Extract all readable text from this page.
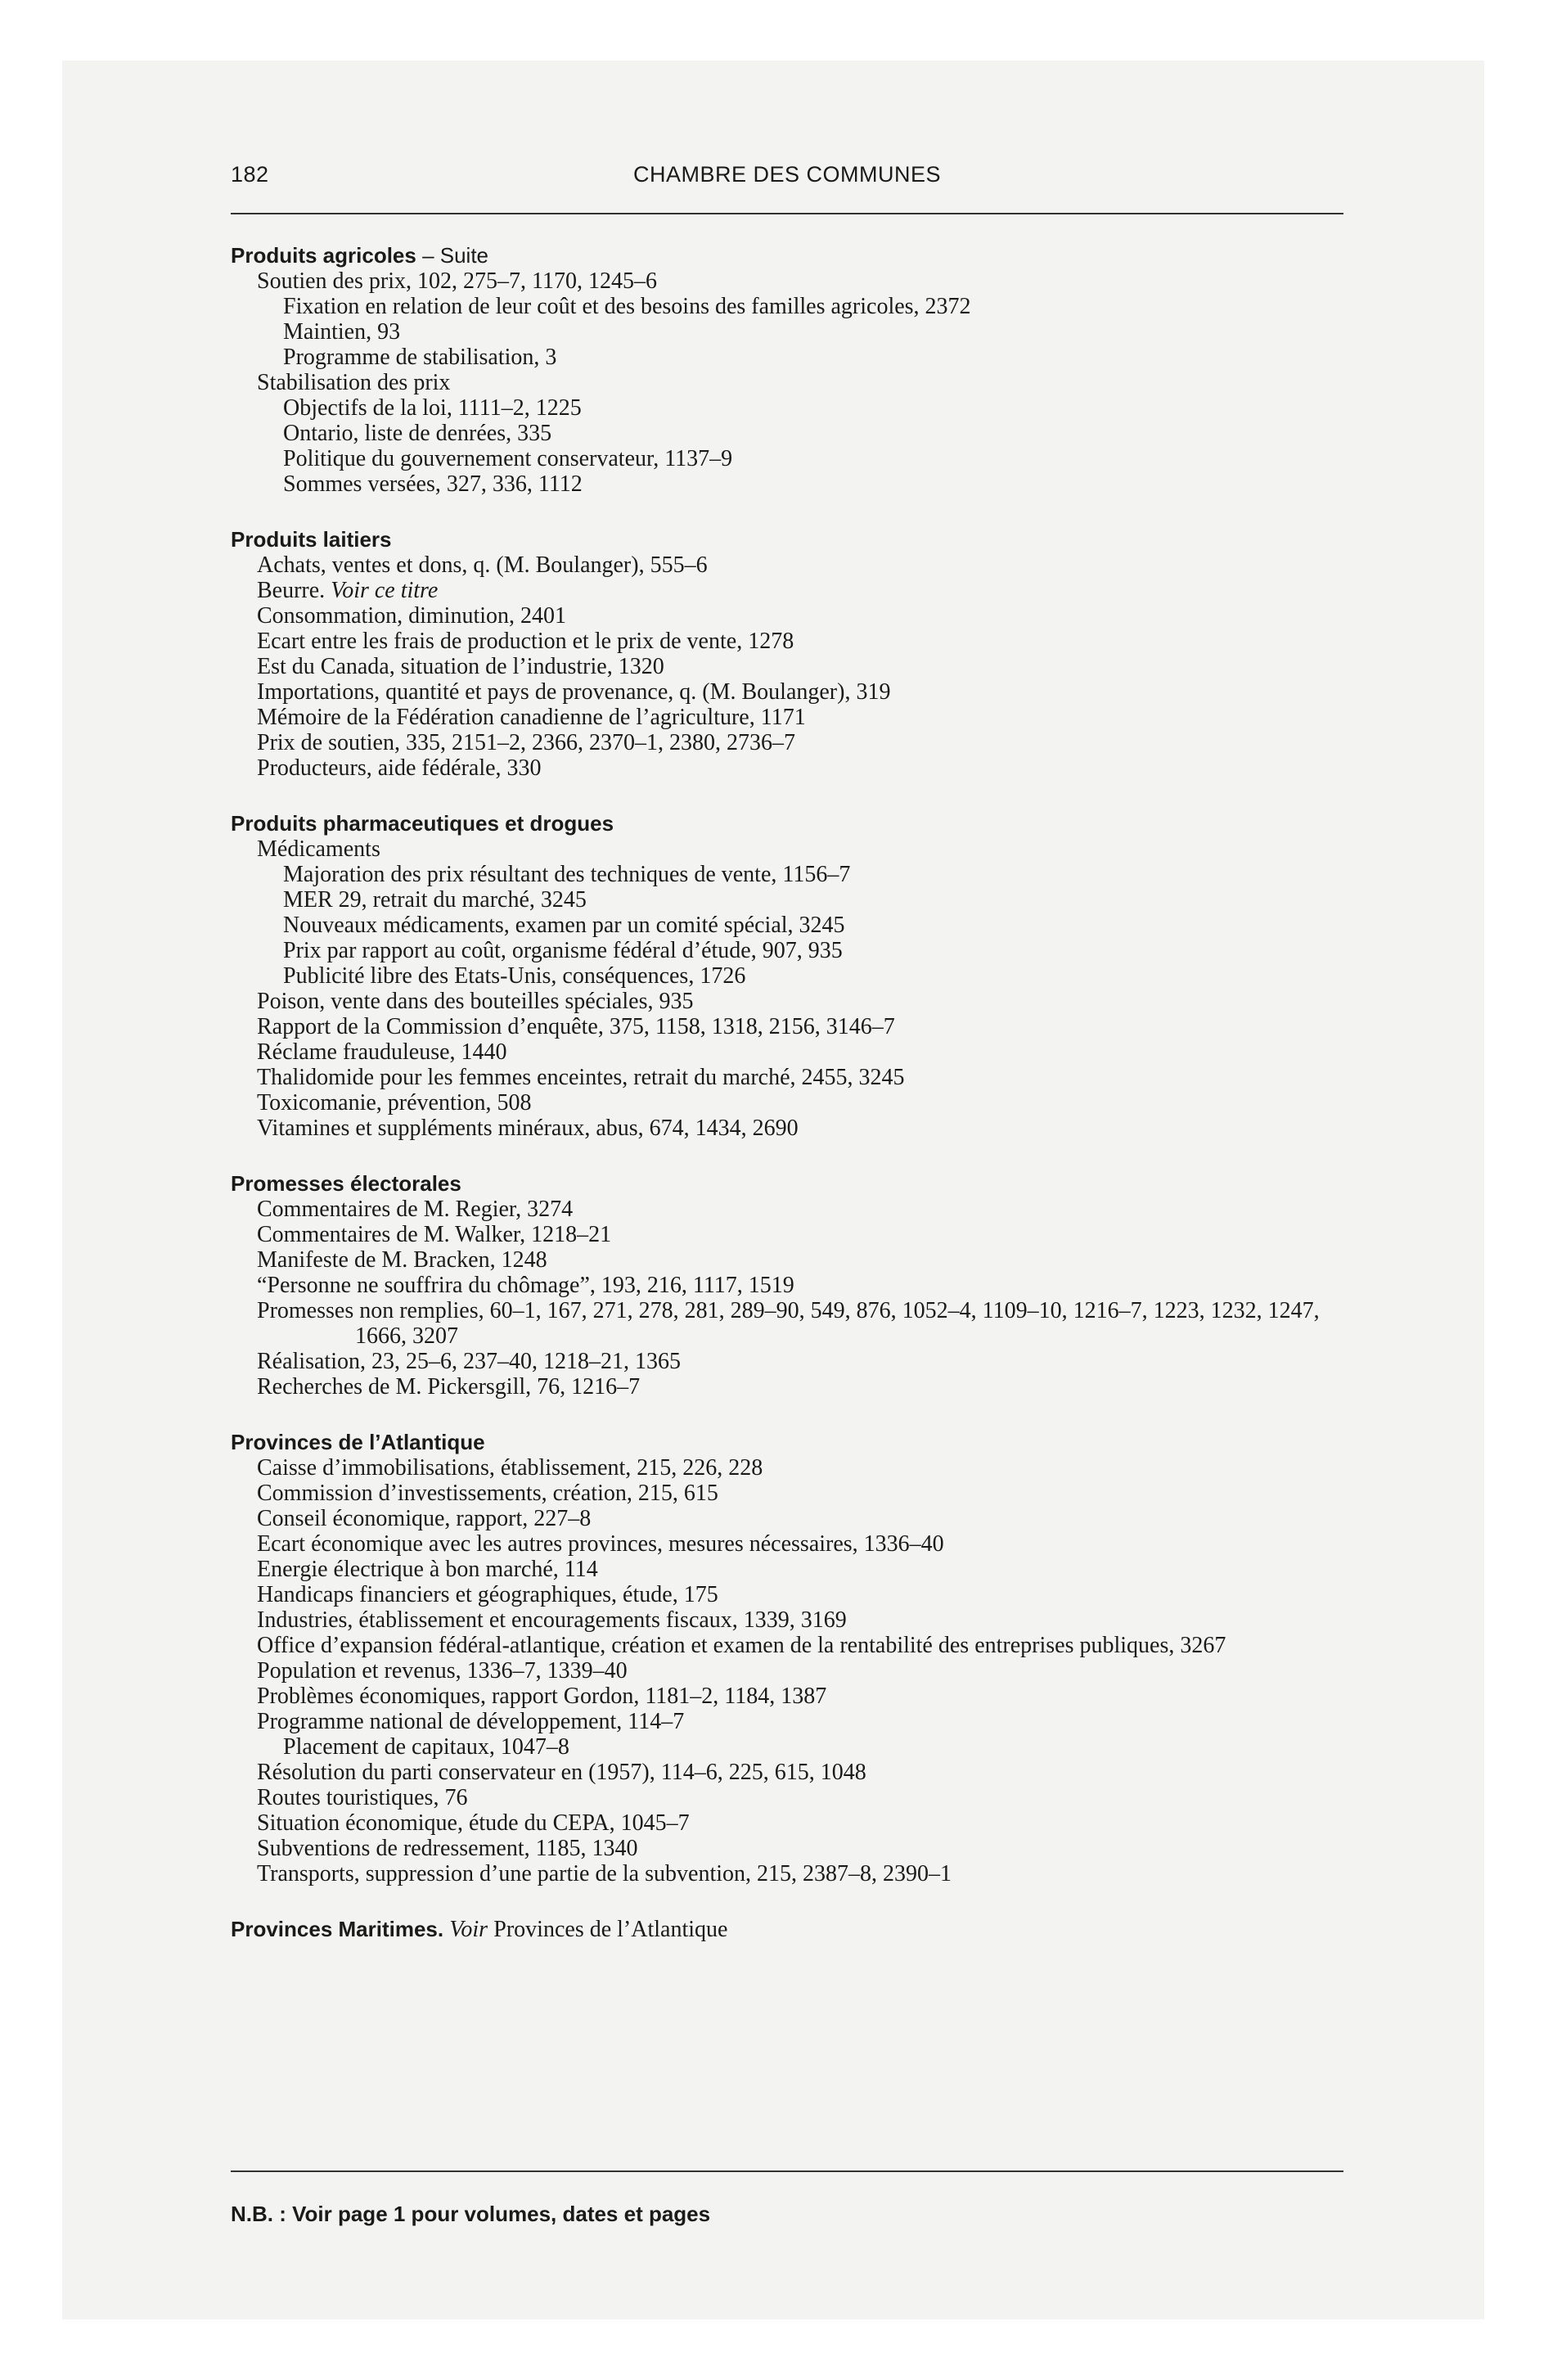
182	CHAMBRE DES COMMUNES
Produits agricoles – Suite
Soutien des prix, 102, 275–7, 1170, 1245–6
Fixation en relation de leur coût et des besoins des familles agricoles, 2372
Maintien, 93
Programme de stabilisation, 3
Stabilisation des prix
Objectifs de la loi, 1111–2, 1225
Ontario, liste de denrées, 335
Politique du gouvernement conservateur, 1137–9
Sommes versées, 327, 336, 1112
Produits laitiers
Achats, ventes et dons, q. (M. Boulanger), 555–6
Beurre. Voir ce titre
Consommation, diminution, 2401
Ecart entre les frais de production et le prix de vente, 1278
Est du Canada, situation de l’industrie, 1320
Importations, quantité et pays de provenance, q. (M. Boulanger), 319
Mémoire de la Fédération canadienne de l’agriculture, 1171
Prix de soutien, 335, 2151–2, 2366, 2370–1, 2380, 2736–7
Producteurs, aide fédérale, 330
Produits pharmaceutiques et drogues
Médicaments
Majoration des prix résultant des techniques de vente, 1156–7
MER 29, retrait du marché, 3245
Nouveaux médicaments, examen par un comité spécial, 3245
Prix par rapport au coût, organisme fédéral d’étude, 907, 935
Publicité libre des Etats-Unis, conséquences, 1726
Poison, vente dans des bouteilles spéciales, 935
Rapport de la Commission d’enquête, 375, 1158, 1318, 2156, 3146–7
Réclame frauduleuse, 1440
Thalidomide pour les femmes enceintes, retrait du marché, 2455, 3245
Toxicomanie, prévention, 508
Vitamines et suppléments minéraux, abus, 674, 1434, 2690
Promesses électorales
Commentaires de M. Regier, 3274
Commentaires de M. Walker, 1218–21
Manifeste de M. Bracken, 1248
“Personne ne souffrira du chômage”, 193, 216, 1117, 1519
Promesses non remplies, 60–1, 167, 271, 278, 281, 289–90, 549, 876, 1052–4, 1109–10, 1216–7, 1223, 1232, 1247, 1666, 3207
Réalisation, 23, 25–6, 237–40, 1218–21, 1365
Recherches de M. Pickersgill, 76, 1216–7
Provinces de l’Atlantique
Caisse d’immobilisations, établissement, 215, 226, 228
Commission d’investissements, création, 215, 615
Conseil économique, rapport, 227–8
Ecart économique avec les autres provinces, mesures nécessaires, 1336–40
Energie électrique à bon marché, 114
Handicaps financiers et géographiques, étude, 175
Industries, établissement et encouragements fiscaux, 1339, 3169
Office d’expansion fédéral-atlantique, création et examen de la rentabilité des entreprises publiques, 3267
Population et revenus, 1336–7, 1339–40
Problèmes économiques, rapport Gordon, 1181–2, 1184, 1387
Programme national de développement, 114–7
Placement de capitaux, 1047–8
Résolution du parti conservateur en (1957), 114–6, 225, 615, 1048
Routes touristiques, 76
Situation économique, étude du CEPA, 1045–7
Subventions de redressement, 1185, 1340
Transports, suppression d’une partie de la subvention, 215, 2387–8, 2390–1
Provinces Maritimes. Voir Provinces de l’Atlantique
N.B. : Voir page 1 pour volumes, dates et pages
